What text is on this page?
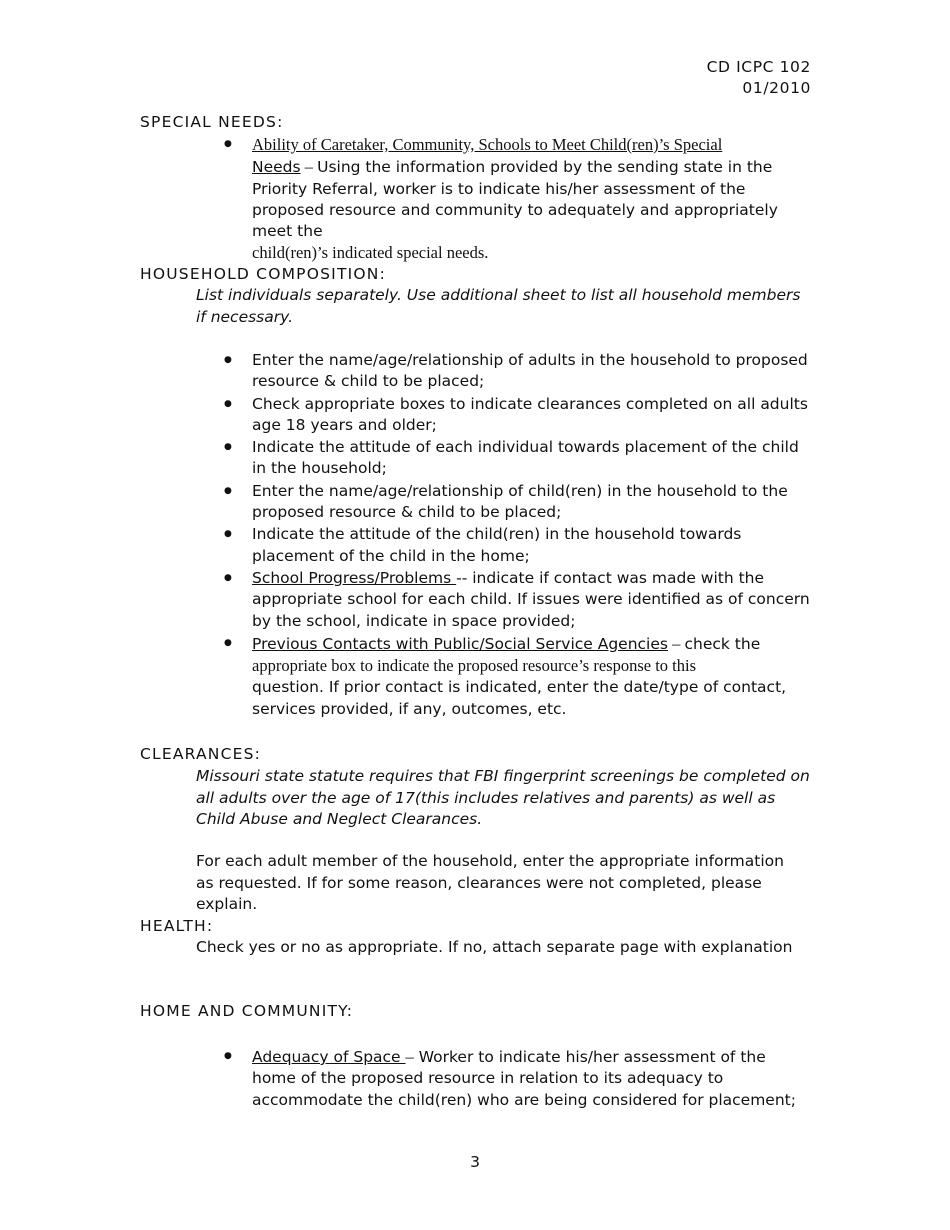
CD ICPC 102
01/2010
SPECIAL NEEDS:
● Ability of Caretaker, Community, Schools to Meet Child(ren)’s Special
Needs – Using the information provided by the sending state in the Priority Referral, worker is to indicate his/her assessment of the proposed resource and community to adequately and appropriately meet the
child(ren)’s indicated special needs.
HOUSEHOLD COMPOSITION:
List individuals separately. Use additional sheet to list all household members if necessary.
● Enter the name/age/relationship of adults in the household to proposed resource & child to be placed;
● Check appropriate boxes to indicate clearances completed on all adults age 18 years and older;
● Indicate the attitude of each individual towards placement of the child in the household;
● Enter the name/age/relationship of child(ren) in the household to the proposed resource & child to be placed;
● Indicate the attitude of the child(ren) in the household towards placement of the child in the home;
● School Progress/Problems -- indicate if contact was made with the appropriate school for each child. If issues were identified as of concern by the school, indicate in space provided;
● Previous Contacts with Public/Social Service Agencies – check the
appropriate box to indicate the proposed resource’s response to this
question. If prior contact is indicated, enter the date/type of contact, services provided, if any, outcomes, etc.
CLEARANCES:
Missouri state statute requires that FBI fingerprint screenings be completed on all adults over the age of 17(this includes relatives and parents) as well as Child Abuse and Neglect Clearances.
For each adult member of the household, enter the appropriate information as requested. If for some reason, clearances were not completed, please explain.
HEALTH:
Check yes or no as appropriate. If no, attach separate page with explanation
HOME AND COMMUNITY:
● Adequacy of Space – Worker to indicate his/her assessment of the home of the proposed resource in relation to its adequacy to accommodate the child(ren) who are being considered for placement;
3
